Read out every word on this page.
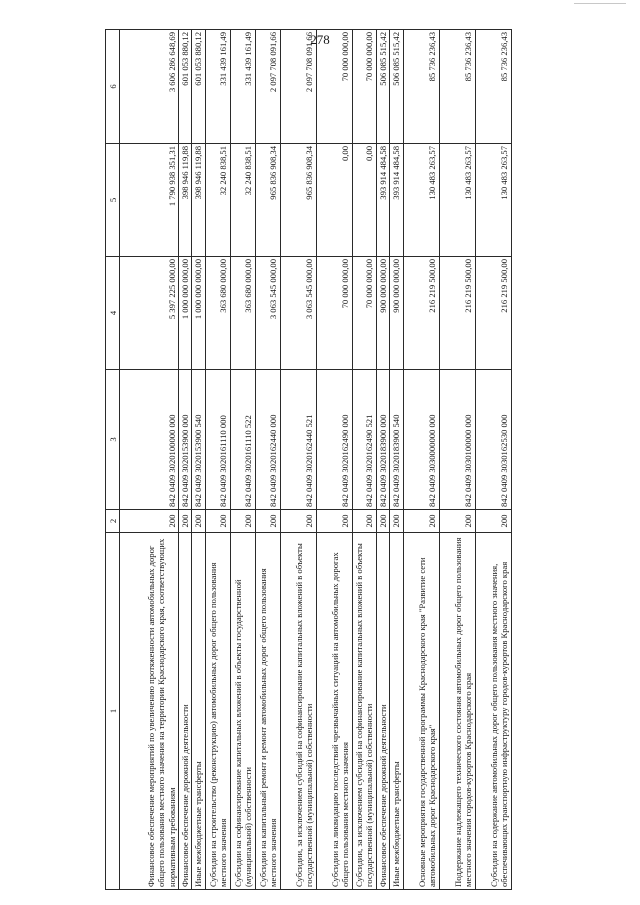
278
1	2	3	4	5	6
Финансовое обеспечение мероприятий по увеличению протяженности автомобильных дорог общего пользования местного значения на территории Краснодарского края, соответствующих нормативным требованиям	200	842 0409 3020100000 000	5 397 225 000,00	1 790 938 351,31	3 606 286 648,69
Финансовое обеспечение дорожной деятельности	200	842 0409 3020153900 000	1 000 000 000,00	398 946 119,88	601 053 880,12
Иные межбюджетные трансферты	200	842 0409 3020153900 540	1 000 000 000,00	398 946 119,88	601 053 880,12
Субсидии на строительство (реконструкцию) автомобильных дорог общего пользования местного значения	200	842 0409 3020161110 000	363 680 000,00	32 240 838,51	331 439 161,49
Субсидии на софинансирование капитальных вложений в объекты государственной (муниципальной) собственности	200	842 0409 3020161110 522	363 680 000,00	32 240 838,51	331 439 161,49
Субсидии на капитальный ремонт и ремонт автомобильных дорог общего пользования местного значения	200	842 0409 3020162440 000	3 063 545 000,00	965 836 908,34	2 097 708 091,66
Субсидии, за исключением субсидий на софинансирование капитальных вложений в объекты государственной (муниципальной) собственности	200	842 0409 3020162440 521	3 063 545 000,00	965 836 908,34	2 097 708 091,66
Субсидии на ликвидацию последствий чрезвычайных ситуаций на автомобильных дорогах общего пользования местного значения	200	842 0409 3020162490 000	70 000 000,00	0,00	70 000 000,00
Субсидии, за исключением субсидий на софинансирование капитальных вложений в объекты государственной (муниципальной) собственности	200	842 0409 3020162490 521	70 000 000,00	0,00	70 000 000,00
Финансовое обеспечение дорожной деятельности	200	842 0409 3020183900 000	900 000 000,00	393 914 484,58	506 085 515,42
Иные межбюджетные трансферты	200	842 0409 3020183900 540	900 000 000,00	393 914 484,58	506 085 515,42
Основные мероприятия государственной программы Краснодарского края "Развитие сети автомобильных дорог Краснодарского края"	200	842 0409 3030000000 000	216 219 500,00	130 483 263,57	85 736 236,43
Поддержание надлежащего технического состояния автомобильных дорог общего пользования местного значения городов-курортов Краснодарского края	200	842 0409 3030100000 000	216 219 500,00	130 483 263,57	85 736 236,43
Субсидии на содержание автомобильных дорог общего пользования местного значения, обеспечивающих транспортную инфраструктуру городов-курортов Краснодарского края	200	842 0409 3030162530 000	216 219 500,00	130 483 263,57	85 736 236,43
